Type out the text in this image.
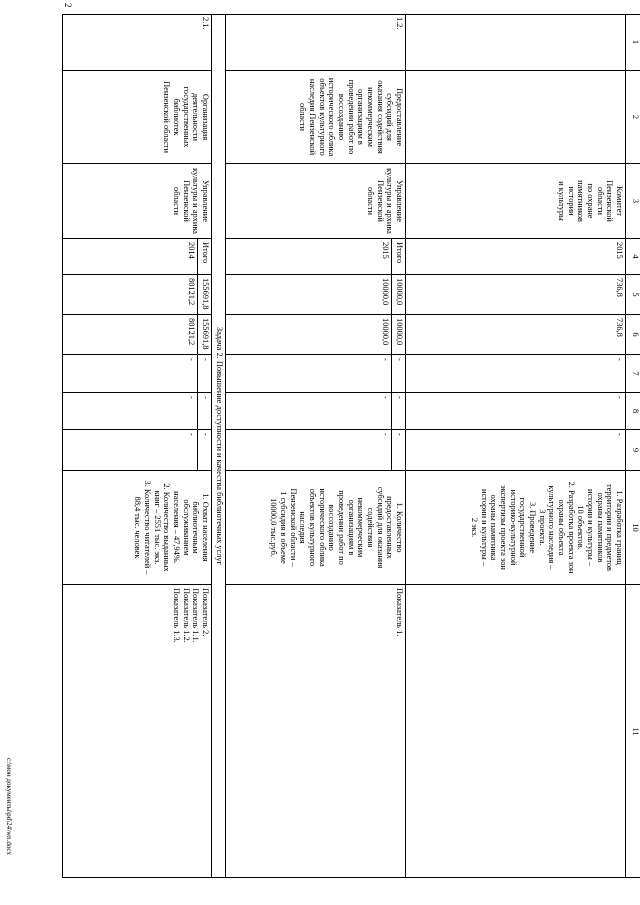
2
c:\мои документы\pd\24\wn.docx
1
2
3
4
5
6
7
8
9
10
11
Комитет
Пензенской области
по охране
памятников истории
и культуры
2015
736,8
736,8
-
-
-
1. Разработка границ
территории и предметов
охраны памятников
истории и культуры –
10 объектов.
2. Разработка проекта зон
охраны объекта
культурного наследия –
3 проекта.
3. Проведение
государственной
историко-культурной
экспертизы проекта зон
охраны памятника
истории и культуры –
2 экз.
1.2.
Предоставление
субсидий для
оказания содействия
некоммерческим
организациям в
проведении работ по
воссозданию
исторического облика
объектов культурного
наследия Пензенской
области
Управление
культуры и архива
Пензенской области
Итого
2015
10000,0
10000,0
10000,0
10000,0
-
-
-
-
-
-
1. Количество
предоставленных
субсидий для оказания
содействия
некоммерческим
организациям в
проведении работ по
воссозданию
исторического облика
объектов культурного
наследия
Пензенской области –
1 субсидия в объеме
10000,0 тыс.руб.
Показатель 1.
Задача 2. Повышение доступности и качества библиотечных услуг
2.1.
Организация
деятельности
государственных
библиотек
Пензенской области
Управление
культуры и архива
Пензенской области
Итого
2014
155691,8
80121,2
155691,8
80121,2
-
-
-
-
-
-
1. Охват населения
библиотечным
обслуживанием
населения – 47,94%.
2. Количество выданных
книг – 2551 тыс. экз.
3. Количество читателей –
88,4 тыс. человек
Показатель 2.
Показатель 1.1.
Показатель 1.2.
Показатель 1.3.
